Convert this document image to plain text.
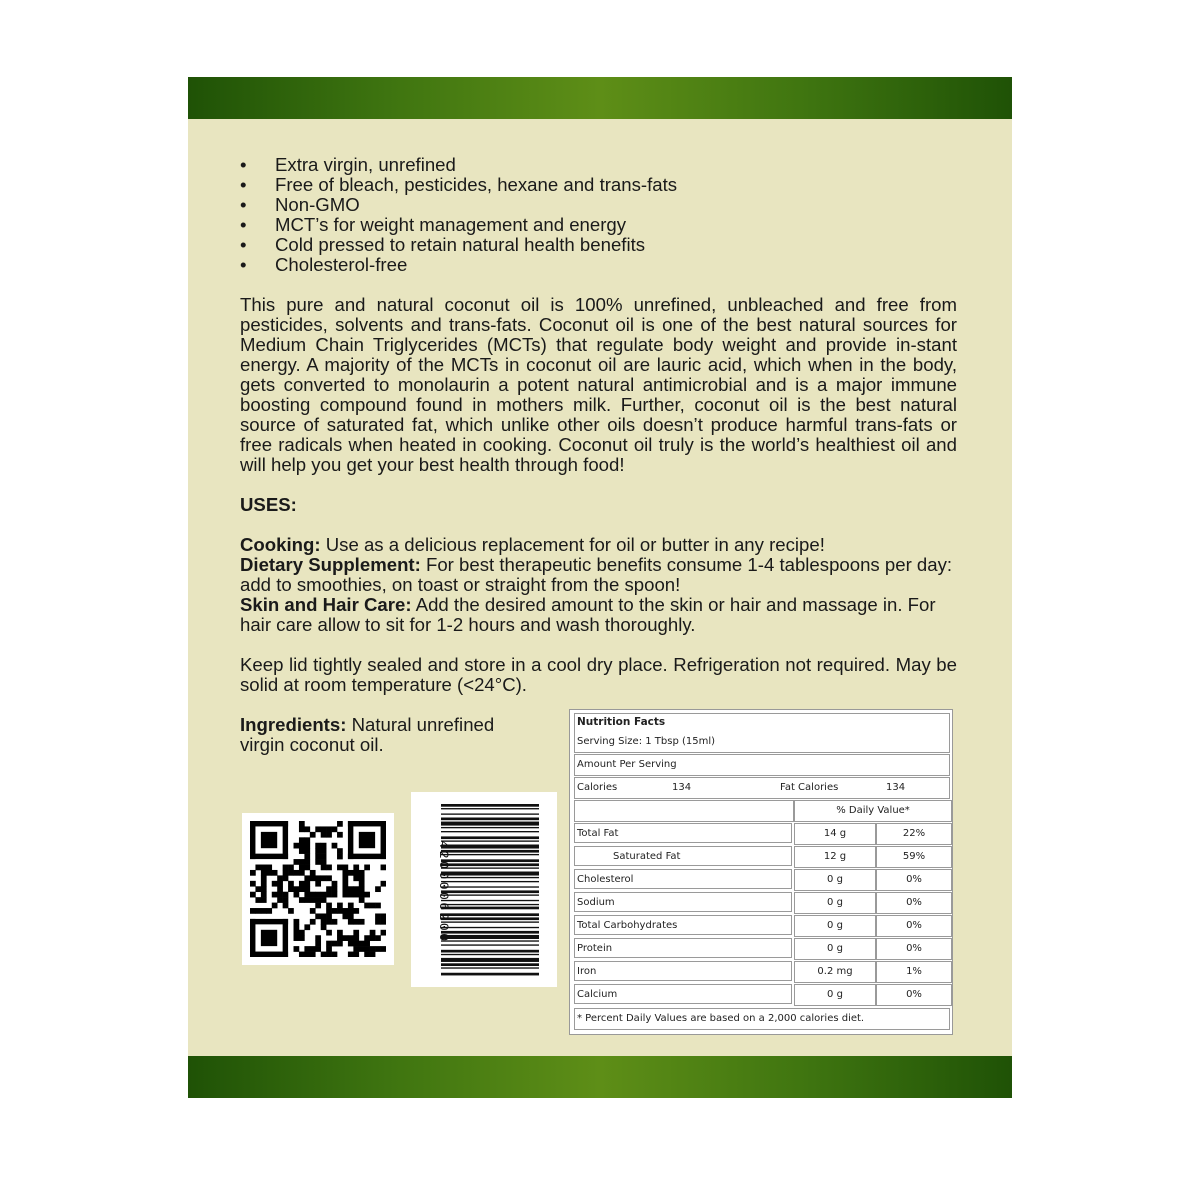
• Extra virgin, unrefined
• Free of bleach, pesticides, hexane and trans-fats
• Non-GMO
• MCT’s for weight management and energy
• Cold pressed to retain natural health benefits
• Cholesterol-free

This pure and natural coconut oil is 100% unrefined, unbleached and free from pesticides, solvents and trans-fats. Coconut oil is one of the best natural sources for Medium Chain Triglycerides (MCTs) that regulate body weight and provide in-stant energy. A majority of the MCTs in coconut oil are lauric acid, which when in the body, gets converted to monolaurin a potent natural antimicrobial and is a major immune boosting compound found in mothers milk. Further, coconut oil is the best natural source of saturated fat, which unlike other oils doesn’t produce harmful trans-fats or free radicals when heated in cooking. Coconut oil truly is the world’s healthiest oil and will help you get your best health through food!

USES:

Cooking: Use as a delicious replacement for oil or butter in any recipe!

Dietary Supplement: For best therapeutic benefits consume 1-4 tablespoons per day: add to smoothies, on toast or straight from the spoon!

Skin and Hair Care: Add the desired amount to the skin or hair and massage in. For hair care allow to sit for 1-2 hours and wash thoroughly.

Keep lid tightly sealed and store in a cool dry place. Refrigeration not required. May be solid at room temperature (<24°C).

Ingredients: Natural unrefined virgin coconut oil.
4200006200
Nutrition Facts
Serving Size: 1 Tbsp (15ml)
Amount Per Serving
Calories	134	Fat Calories	134
% Daily Value*
Total Fat	14 g	22%
Saturated Fat	12 g	59%
Cholesterol	0 g	0%
Sodium	0 g	0%
Total Carbohydrates	0 g	0%
Protein	0 g	0%
Iron	0.2 mg	1%
Calcium	0 g	0%
* Percent Daily Values are based on a 2,000 calories diet.
